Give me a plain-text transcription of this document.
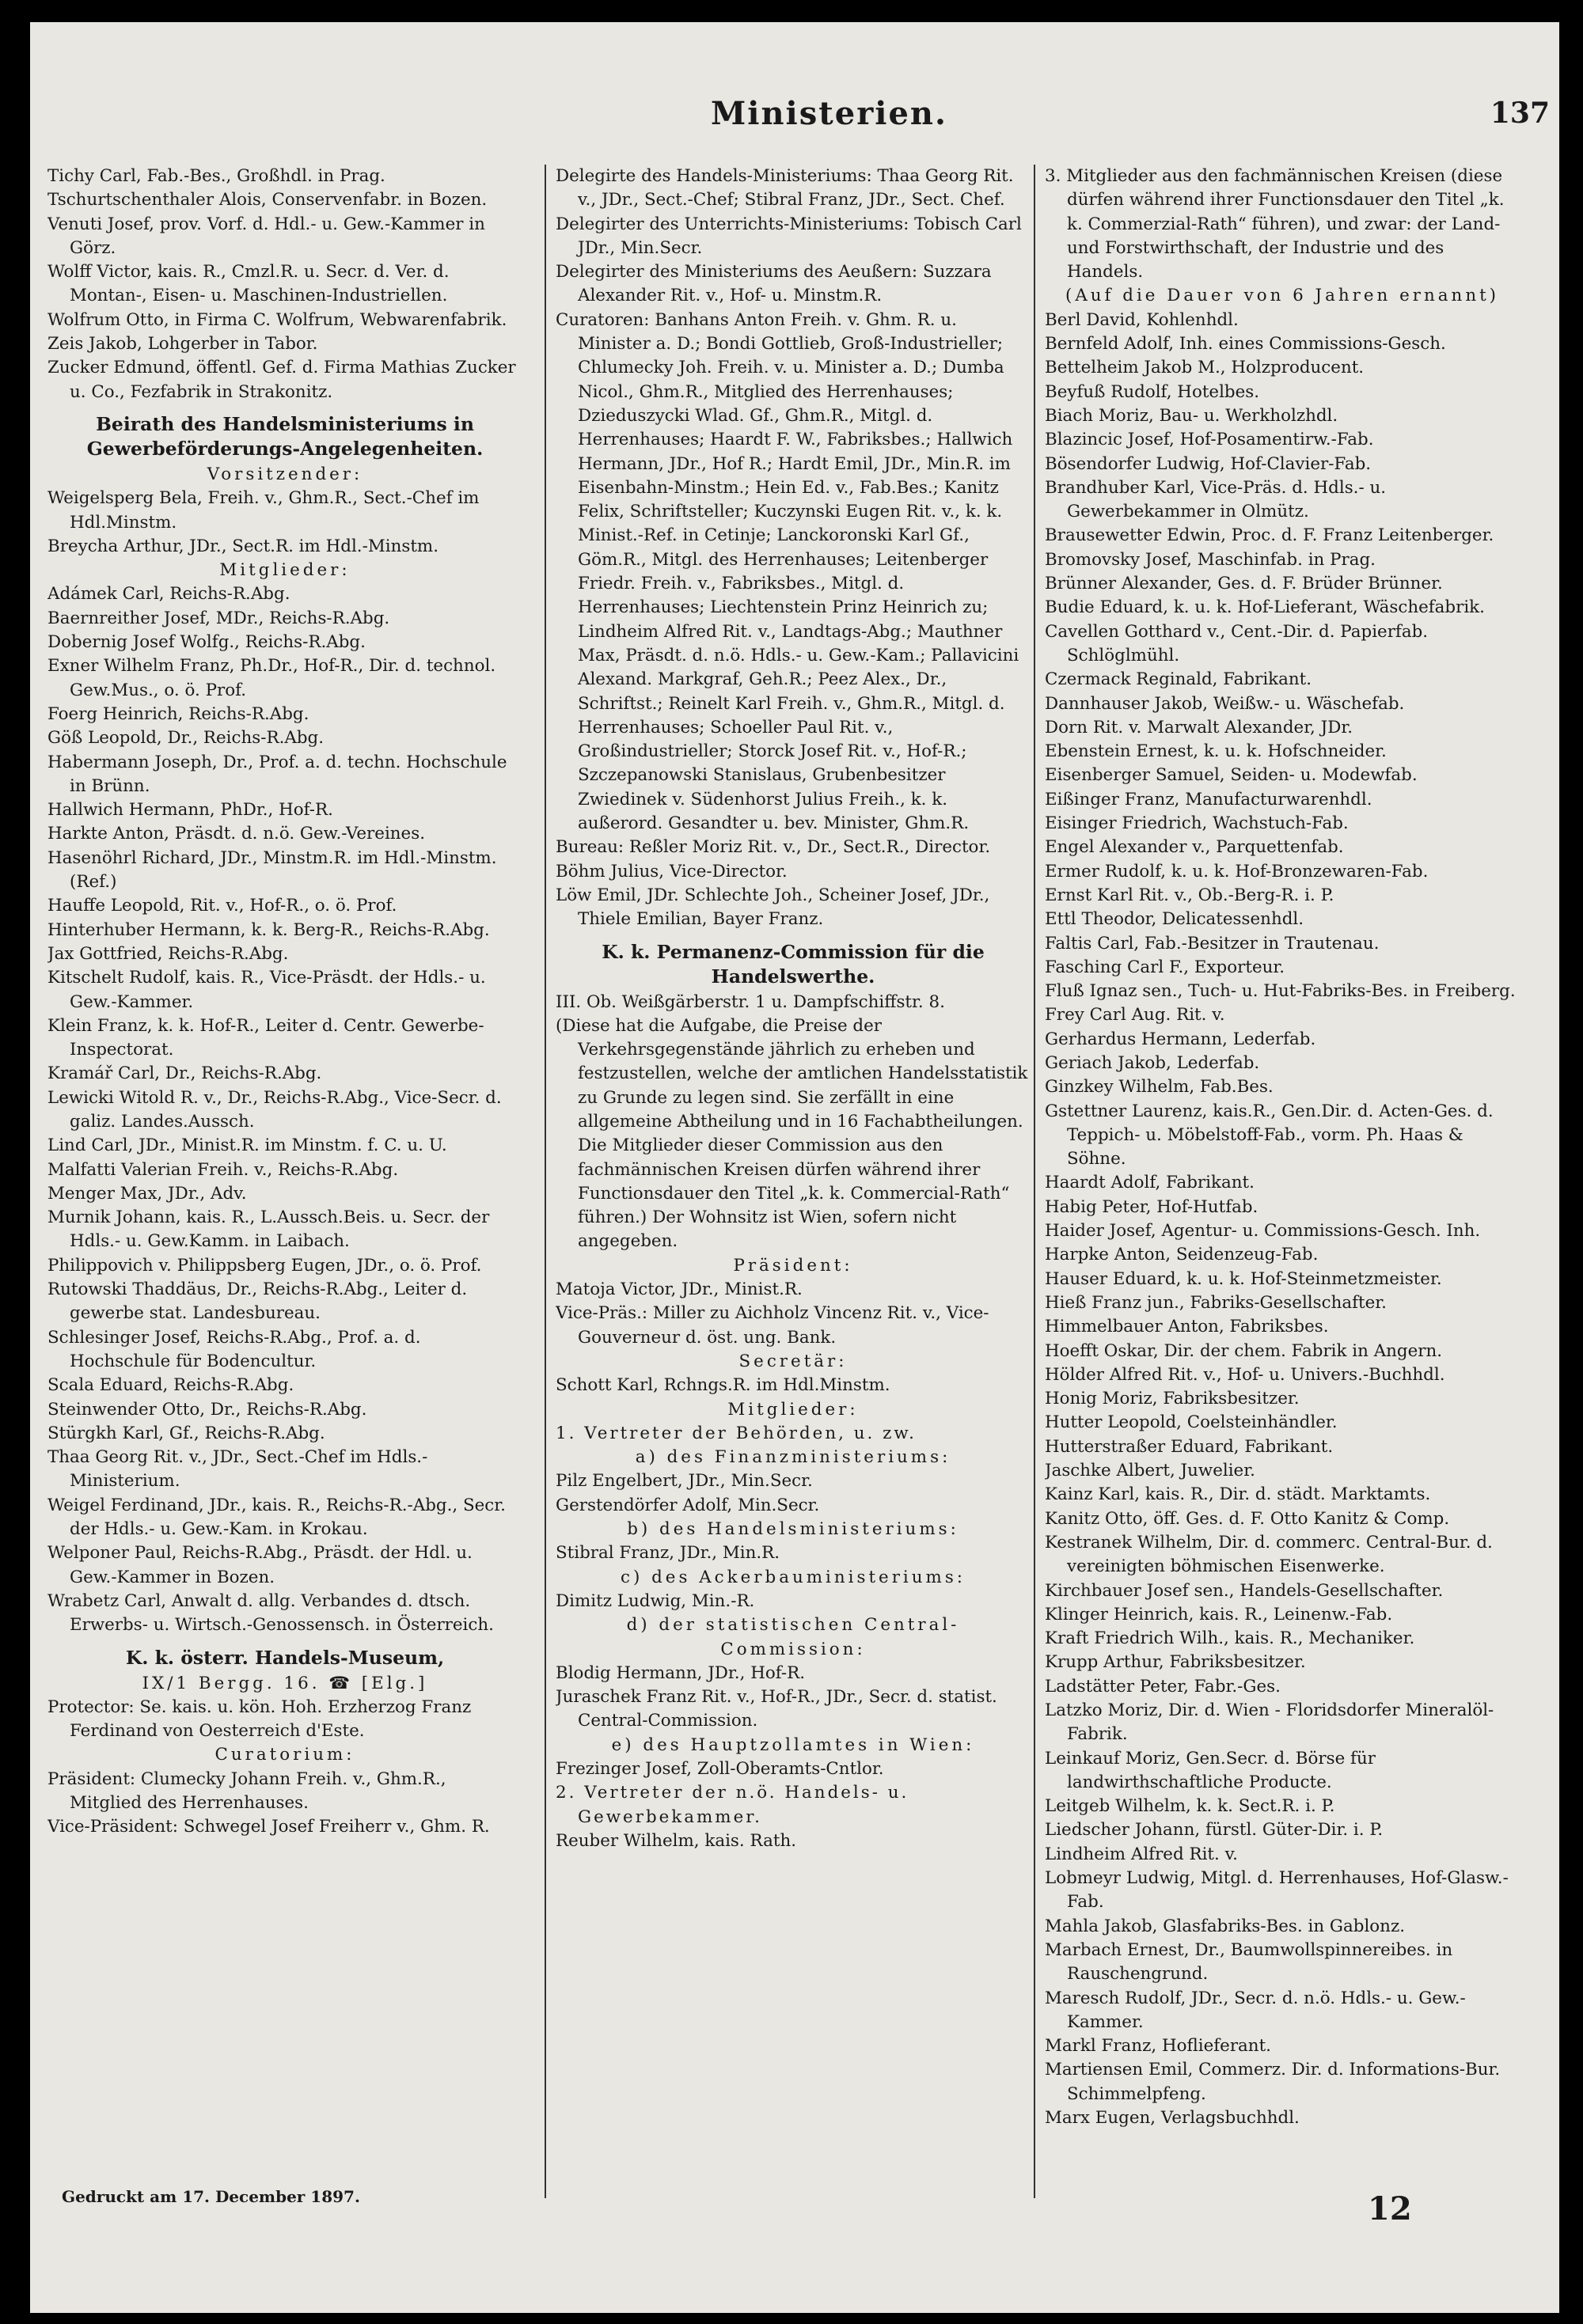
Ministerien.	137

Tichy Carl, Fab.-Bes., Großhdl. in Prag.

Tschurtschenthaler Alois, Conservenfabr. in Bozen.

Venuti Josef, prov. Vorf. d. Hdl.- u. Gew.-Kammer in Görz.

Wolff Victor, kais. R., Cmzl.R. u. Secr. d. Ver. d. Montan-, Eisen- u. Maschinen-Industriellen.

Wolfrum Otto, in Firma C. Wolfrum, Webwarenfabrik.

Zeis Jakob, Lohgerber in Tabor.

Zucker Edmund, öffentl. Gef. d. Firma Mathias Zucker u. Co., Fezfabrik in Strakonitz.

Beirath des Handelsministeriums in Gewerbeförderungs-Angelegenheiten.

Vorsitzender:

Weigelsperg Bela, Freih. v., Ghm.R., Sect.-Chef im Hdl.Minstm.

Breycha Arthur, JDr., Sect.R. im Hdl.-Minstm.

Mitglieder:

Adámek Carl, Reichs-R.Abg.

Baernreither Josef, MDr., Reichs-R.Abg.

Dobernig Josef Wolfg., Reichs-R.Abg.

Exner Wilhelm Franz, Ph.Dr., Hof-R., Dir. d. technol. Gew.Mus., o. ö. Prof.

Foerg Heinrich, Reichs-R.Abg.

Göß Leopold, Dr., Reichs-R.Abg.

Habermann Joseph, Dr., Prof. a. d. techn. Hochschule in Brünn.

Hallwich Hermann, PhDr., Hof-R.

Harkte Anton, Präsdt. d. n.ö. Gew.-Vereines.

Hasenöhrl Richard, JDr., Minstm.R. im Hdl.-Minstm. (Ref.)

Hauffe Leopold, Rit. v., Hof-R., o. ö. Prof.

Hinterhuber Hermann, k. k. Berg-R., Reichs-R.Abg.

Jax Gottfried, Reichs-R.Abg.

Kitschelt Rudolf, kais. R., Vice-Präsdt. der Hdls.- u. Gew.-Kammer.

Klein Franz, k. k. Hof-R., Leiter d. Centr. Gewerbe-Inspectorat.

Kramář Carl, Dr., Reichs-R.Abg.

Lewicki Witold R. v., Dr., Reichs-R.Abg., Vice-Secr. d. galiz. Landes.Aussch.

Lind Carl, JDr., Minist.R. im Minstm. f. C. u. U.

Malfatti Valerian Freih. v., Reichs-R.Abg.

Menger Max, JDr., Adv.

Murnik Johann, kais. R., L.Aussch.Beis. u. Secr. der Hdls.- u. Gew.Kamm. in Laibach.

Philippovich v. Philippsberg Eugen, JDr., o. ö. Prof.

Rutowski Thaddäus, Dr., Reichs-R.Abg., Leiter d. gewerbe stat. Landesbureau.

Schlesinger Josef, Reichs-R.Abg., Prof. a. d. Hochschule für Bodencultur.

Scala Eduard, Reichs-R.Abg.

Steinwender Otto, Dr., Reichs-R.Abg.

Stürgkh Karl, Gf., Reichs-R.Abg.

Thaa Georg Rit. v., JDr., Sect.-Chef im Hdls.-Ministerium.

Weigel Ferdinand, JDr., kais. R., Reichs-R.-Abg., Secr. der Hdls.- u. Gew.-Kam. in Krokau.

Welponer Paul, Reichs-R.Abg., Präsdt. der Hdl. u. Gew.-Kammer in Bozen.

Wrabetz Carl, Anwalt d. allg. Verbandes d. dtsch. Erwerbs- u. Wirtsch.-Genossensch. in Österreich.

K. k. österr. Handels-Museum,

IX/1 Bergg. 16. ☎ [Elg.]

Protector: Se. kais. u. kön. Hoh. Erzherzog Franz Ferdinand von Oesterreich d'Este.

Curatorium:

Präsident: Clumecky Johann Freih. v., Ghm.R., Mitglied des Herrenhauses.

Vice-Präsident: Schwegel Josef Freiherr v., Ghm. R.

Delegirte des Handels-Ministeriums: Thaa Georg Rit. v., JDr., Sect.-Chef; Stibral Franz, JDr., Sect. Chef.

Delegirter des Unterrichts-Ministeriums: Tobisch Carl JDr., Min.Secr.

Delegirter des Ministeriums des Aeußern: Suzzara Alexander Rit. v., Hof- u. Minstm.R.

Curatoren: Banhans Anton Freih. v. Ghm. R. u. Minister a. D.; Bondi Gottlieb, Groß-Industrieller; Chlumecky Joh. Freih. v. u. Minister a. D.; Dumba Nicol., Ghm.R., Mitglied des Herrenhauses; Dzieduszycki Wlad. Gf., Ghm.R., Mitgl. d. Herrenhauses; Haardt F. W., Fabriksbes.; Hallwich Hermann, JDr., Hof R.; Hardt Emil, JDr., Min.R. im Eisenbahn-Minstm.; Hein Ed. v., Fab.Bes.; Kanitz Felix, Schriftsteller; Kuczynski Eugen Rit. v., k. k. Minist.-Ref. in Cetinje; Lanckoronski Karl Gf., Göm.R., Mitgl. des Herrenhauses; Leitenberger Friedr. Freih. v., Fabriksbes., Mitgl. d. Herrenhauses; Liechtenstein Prinz Heinrich zu; Lindheim Alfred Rit. v., Landtags-Abg.; Mauthner Max, Präsdt. d. n.ö. Hdls.- u. Gew.-Kam.; Pallavicini Alexand. Markgraf, Geh.R.; Peez Alex., Dr., Schriftst.; Reinelt Karl Freih. v., Ghm.R., Mitgl. d. Herrenhauses; Schoeller Paul Rit. v., Großindustrieller; Storck Josef Rit. v., Hof-R.; Szczepanowski Stanislaus, Grubenbesitzer Zwiedinek v. Südenhorst Julius Freih., k. k. außerord. Gesandter u. bev. Minister, Ghm.R.

Bureau: Reßler Moriz Rit. v., Dr., Sect.R., Director.

Böhm Julius, Vice-Director.

Löw Emil, JDr. Schlechte Joh., Scheiner Josef, JDr., Thiele Emilian, Bayer Franz.

K. k. Permanenz-Commission für die Handelswerthe.

III. Ob. Weißgärberstr. 1 u. Dampfschiffstr. 8.

(Diese hat die Aufgabe, die Preise der Verkehrsgegenstände jährlich zu erheben und festzustellen, welche der amtlichen Handelsstatistik zu Grunde zu legen sind. Sie zerfällt in eine allgemeine Abtheilung und in 16 Fachabtheilungen. Die Mitglieder dieser Commission aus den fachmännischen Kreisen dürfen während ihrer Functionsdauer den Titel „k. k. Commercial-Rath“ führen.) Der Wohnsitz ist Wien, sofern nicht angegeben.

Präsident:

Matoja Victor, JDr., Minist.R.

Vice-Präs.: Miller zu Aichholz Vincenz Rit. v., Vice-Gouverneur d. öst. ung. Bank.

Secretär:

Schott Karl, Rchngs.R. im Hdl.Minstm.

Mitglieder:

1. Vertreter der Behörden, u. zw.

a) des Finanzministeriums:

Pilz Engelbert, JDr., Min.Secr.

Gerstendörfer Adolf, Min.Secr.

b) des Handelsministeriums:

Stibral Franz, JDr., Min.R.

c) des Ackerbauministeriums:

Dimitz Ludwig, Min.-R.

d) der statistischen Central-Commission:

Blodig Hermann, JDr., Hof-R.

Juraschek Franz Rit. v., Hof-R., JDr., Secr. d. statist. Central-Commission.

e) des Hauptzollamtes in Wien:

Frezinger Josef, Zoll-Oberamts-Cntlor.

2. Vertreter der n.ö. Handels- u. Gewerbekammer.

Reuber Wilhelm, kais. Rath.

3. Mitglieder aus den fachmännischen Kreisen (diese dürfen während ihrer Functionsdauer den Titel „k. k. Commerzial-Rath“ führen), und zwar: der Land- und Forstwirthschaft, der Industrie und des Handels.

(Auf die Dauer von 6 Jahren ernannt)

Berl David, Kohlenhdl.

Bernfeld Adolf, Inh. eines Commissions-Gesch.

Bettelheim Jakob M., Holzproducent.

Beyfuß Rudolf, Hotelbes.

Biach Moriz, Bau- u. Werkholzhdl.

Blazincic Josef, Hof-Posamentirw.-Fab.

Bösendorfer Ludwig, Hof-Clavier-Fab.

Brandhuber Karl, Vice-Präs. d. Hdls.- u. Gewerbekammer in Olmütz.

Brausewetter Edwin, Proc. d. F. Franz Leitenberger.

Bromovsky Josef, Maschinfab. in Prag.

Brünner Alexander, Ges. d. F. Brüder Brünner.

Budie Eduard, k. u. k. Hof-Lieferant, Wäschefabrik.

Cavellen Gotthard v., Cent.-Dir. d. Papierfab. Schlöglmühl.

Czermack Reginald, Fabrikant.

Dannhauser Jakob, Weißw.- u. Wäschefab.

Dorn Rit. v. Marwalt Alexander, JDr.

Ebenstein Ernest, k. u. k. Hofschneider.

Eisenberger Samuel, Seiden- u. Modewfab.

Eißinger Franz, Manufacturwarenhdl.

Eisinger Friedrich, Wachstuch-Fab.

Engel Alexander v., Parquettenfab.

Ermer Rudolf, k. u. k. Hof-Bronzewaren-Fab.

Ernst Karl Rit. v., Ob.-Berg-R. i. P.

Ettl Theodor, Delicatessenhdl.

Faltis Carl, Fab.-Besitzer in Trautenau.

Fasching Carl F., Exporteur.

Fluß Ignaz sen., Tuch- u. Hut-Fabriks-Bes. in Freiberg.

Frey Carl Aug. Rit. v.

Gerhardus Hermann, Lederfab.

Geriach Jakob, Lederfab.

Ginzkey Wilhelm, Fab.Bes.

Gstettner Laurenz, kais.R., Gen.Dir. d. Acten-Ges. d. Teppich- u. Möbelstoff-Fab., vorm. Ph. Haas & Söhne.

Haardt Adolf, Fabrikant.

Habig Peter, Hof-Hutfab.

Haider Josef, Agentur- u. Commissions-Gesch. Inh.

Harpke Anton, Seidenzeug-Fab.

Hauser Eduard, k. u. k. Hof-Steinmetzmeister.

Hieß Franz jun., Fabriks-Gesellschafter.

Himmelbauer Anton, Fabriksbes.

Hoefft Oskar, Dir. der chem. Fabrik in Angern.

Hölder Alfred Rit. v., Hof- u. Univers.-Buchhdl.

Honig Moriz, Fabriksbesitzer.

Hutter Leopold, Coelsteinhändler.

Hutterstraßer Eduard, Fabrikant.

Jaschke Albert, Juwelier.

Kainz Karl, kais. R., Dir. d. städt. Marktamts.

Kanitz Otto, öff. Ges. d. F. Otto Kanitz & Comp.

Kestranek Wilhelm, Dir. d. commerc. Central-Bur. d. vereinigten böhmischen Eisenwerke.

Kirchbauer Josef sen., Handels-Gesellschafter.

Klinger Heinrich, kais. R., Leinenw.-Fab.

Kraft Friedrich Wilh., kais. R., Mechaniker.

Krupp Arthur, Fabriksbesitzer.

Ladstätter Peter, Fabr.-Ges.

Latzko Moriz, Dir. d. Wien - Floridsdorfer Mineralöl-Fabrik.

Leinkauf Moriz, Gen.Secr. d. Börse für landwirthschaftliche Producte.

Leitgeb Wilhelm, k. k. Sect.R. i. P.

Liedscher Johann, fürstl. Güter-Dir. i. P.

Lindheim Alfred Rit. v.

Lobmeyr Ludwig, Mitgl. d. Herrenhauses, Hof-Glasw.-Fab.

Mahla Jakob, Glasfabriks-Bes. in Gablonz.

Marbach Ernest, Dr., Baumwollspinnereibes. in Rauschengrund.

Maresch Rudolf, JDr., Secr. d. n.ö. Hdls.- u. Gew.-Kammer.

Markl Franz, Hoflieferant.

Martiensen Emil, Commerz. Dir. d. Informations-Bur. Schimmelpfeng.

Marx Eugen, Verlagsbuchhdl.

Gedruckt am 17. December 1897.	12
